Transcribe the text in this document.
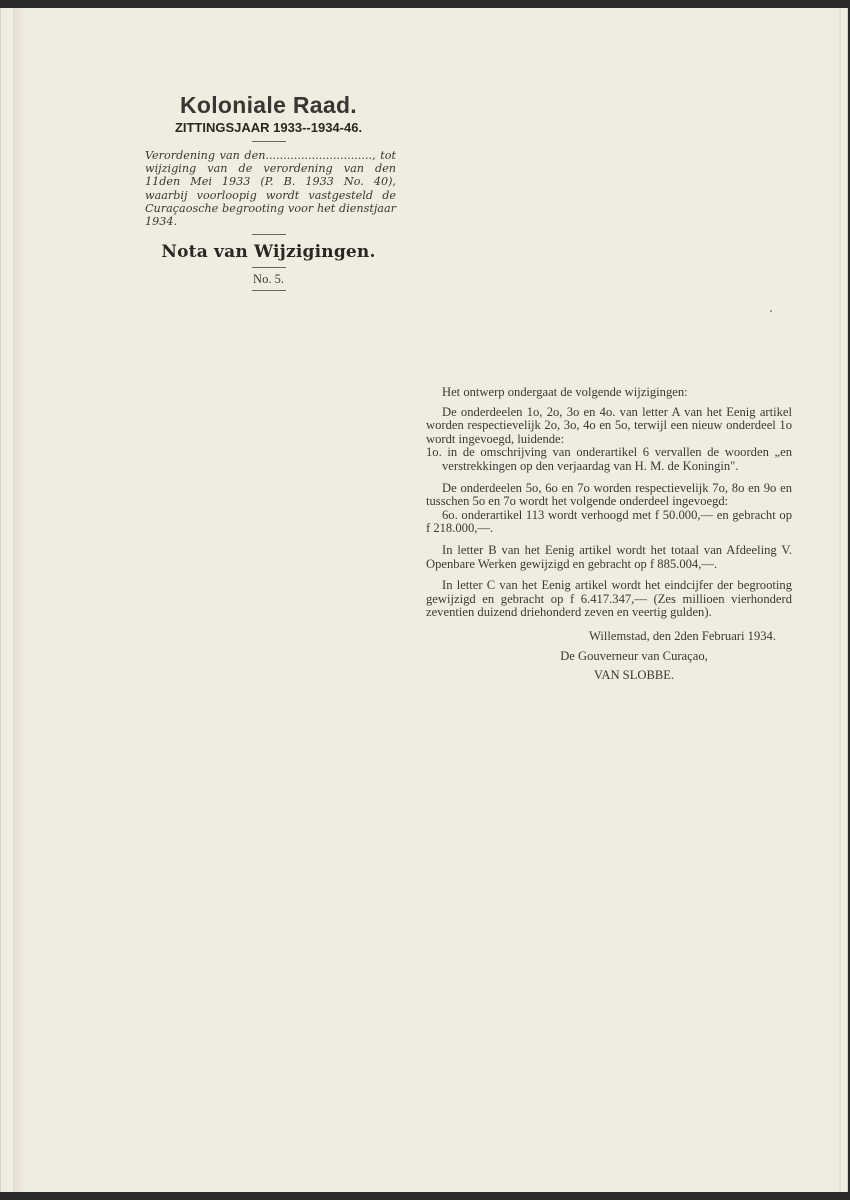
Koloniale Raad.
ZITTINGSJAAR 1933--1934-46.
Verordening van den.............................., tot wijziging van de verordening van den 11den Mei 1933 (P. B. 1933 No. 40), waarbij voorloopig wordt vastgesteld de Curaçaosche begrooting voor het dienstjaar 1934.
Nota van Wijzigingen.
No. 5.

Het ontwerp ondergaat de volgende wijzigingen:

De onderdeelen 1o, 2o, 3o en 4o. van letter A van het Eenig artikel worden respectievelijk 2o, 3o, 4o en 5o, terwijl een nieuw onderdeel 1o wordt ingevoegd, luidende:

1o. in de omschrijving van onderartikel 6 vervallen de woorden „en verstrekkingen op den verjaardag van H. M. de Koningin".

De onderdeelen 5o, 6o en 7o worden respectievelijk 7o, 8o en 9o en tusschen 5o en 7o wordt het volgende onderdeel ingevoegd:

6o. onderartikel 113 wordt verhoogd met f 50.000,— en gebracht op f 218.000,—.

In letter B van het Eenig artikel wordt het totaal van Afdeeling V. Openbare Werken gewijzigd en gebracht op f 885.004,—.

In letter C van het Eenig artikel wordt het eindcijfer der begrooting gewijzigd en gebracht op f 6.417.347,— (Zes millioen vierhonderd zeventien duizend driehonderd zeven en veertig gulden).

Willemstad, den 2den Februari 1934.

De Gouverneur van Curaçao,

VAN SLOBBE.
